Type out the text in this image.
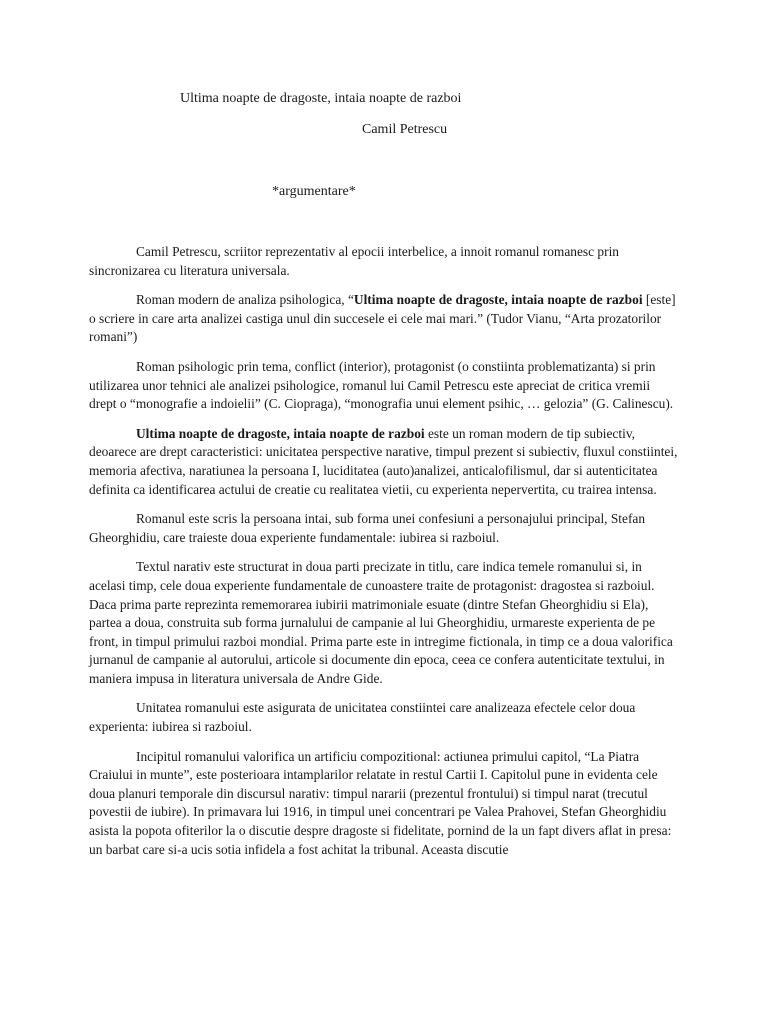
Ultima noapte de dragoste, intaia noapte de razboi
Camil Petrescu
*argumentare*

Camil Petrescu, scriitor reprezentativ al epocii interbelice, a innoit romanul romanesc prin sincronizarea cu literatura universala.

Roman modern de analiza psihologica, “Ultima noapte de dragoste, intaia noapte de razboi [este] o scriere in care arta analizei castiga unul din succesele ei cele mai mari.” (Tudor Vianu, “Arta prozatorilor romani”)

Roman psihologic prin tema, conflict (interior), protagonist (o constiinta problematizanta) si prin utilizarea unor tehnici ale analizei psihologice, romanul lui Camil Petrescu este apreciat de critica vremii drept o “monografie a indoielii” (C. Ciopraga), “monografia unui element psihic, … gelozia” (G. Calinescu).

Ultima noapte de dragoste, intaia noapte de razboi este un roman modern de tip subiectiv, deoarece are drept caracteristici: unicitatea perspective narative, timpul prezent si subiectiv, fluxul constiintei, memoria afectiva, naratiunea la persoana I, luciditatea (auto)analizei, anticalofilismul, dar si autenticitatea definita ca identificarea actului de creatie cu realitatea vietii, cu experienta nepervertita, cu trairea intensa.

Romanul este scris la persoana intai, sub forma unei confesiuni a personajului principal, Stefan Gheorghidiu, care traieste doua experiente fundamentale: iubirea si razboiul.

Textul narativ este structurat in doua parti precizate in titlu, care indica temele romanului si, in acelasi timp, cele doua experiente fundamentale de cunoastere traite de protagonist: dragostea si razboiul. Daca prima parte reprezinta rememorarea iubirii matrimoniale esuate (dintre Stefan Gheorghidiu si Ela), partea a doua, construita sub forma jurnalului de campanie al lui Gheorghidiu, urmareste experienta de pe front, in timpul primului razboi mondial. Prima parte este in intregime fictionala, in timp ce a doua valorifica jurnanul de campanie al autorului, articole si documente din epoca, ceea ce confera autenticitate textului, in maniera impusa in literatura universala de Andre Gide.

Unitatea romanului este asigurata de unicitatea constiintei care analizeaza efectele celor doua experienta: iubirea si razboiul.

Incipitul romanului valorifica un artificiu compozitional: actiunea primului capitol, “La Piatra Craiului in munte”, este posterioara intamplarilor relatate in restul Cartii I. Capitolul pune in evidenta cele doua planuri temporale din discursul narativ: timpul nararii (prezentul frontului) si timpul narat (trecutul povestii de iubire). In primavara lui 1916, in timpul unei concentrari pe Valea Prahovei, Stefan Gheorghidiu asista la popota ofiterilor la o discutie despre dragoste si fidelitate, pornind de la un fapt divers aflat in presa: un barbat care si-a ucis sotia infidela a fost achitat la tribunal. Aceasta discutie
